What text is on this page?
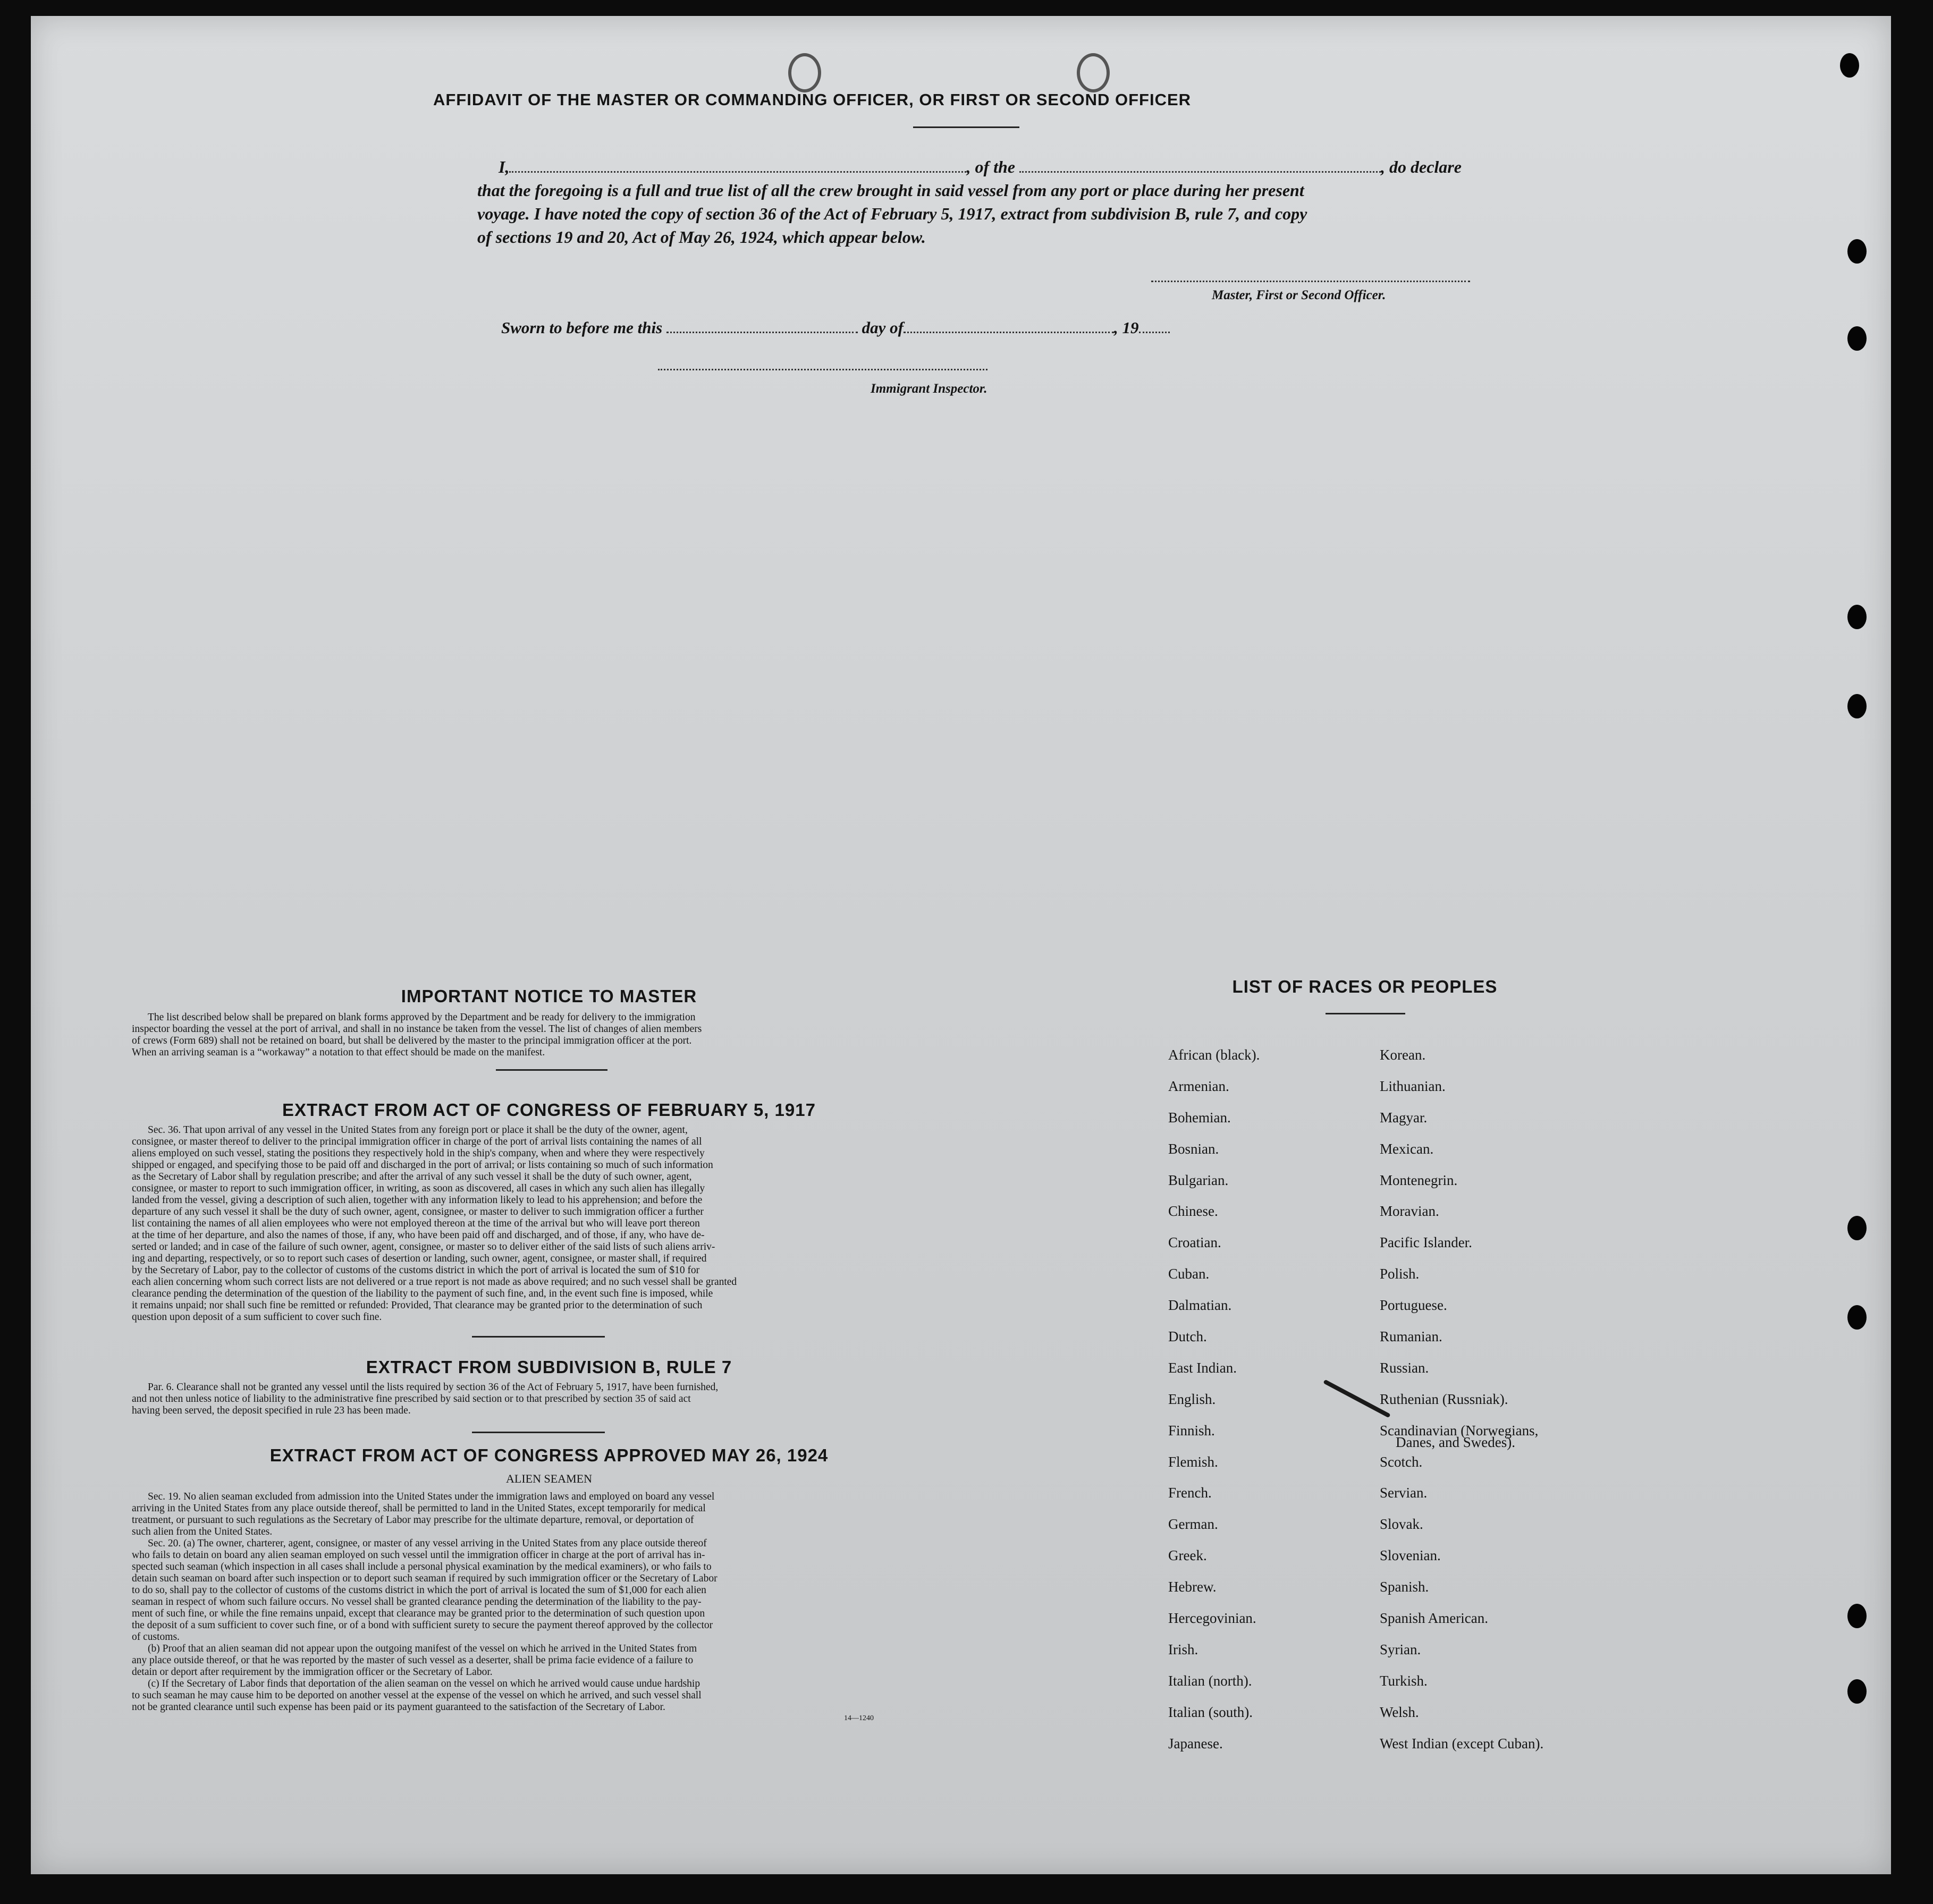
AFFIDAVIT OF THE MASTER OR COMMANDING OFFICER, OR FIRST OR SECOND OFFICER
I,	, of the	, do declare
that the foregoing is a full and true list of all the crew brought in said vessel from any port or place during her present
voyage. I have noted the copy of section 36 of the Act of February 5, 1917, extract from subdivision B, rule 7, and copy
of sections 19 and 20, Act of May 26, 1924, which appear below.
Master, First or Second Officer.
Sworn to before me this	day of	, 19
Immigrant Inspector.
IMPORTANT NOTICE TO MASTER
The list described below shall be prepared on blank forms approved by the Department and be ready for delivery to the immigration
inspector boarding the vessel at the port of arrival, and shall in no instance be taken from the vessel. The list of changes of alien members
of crews (Form 689) shall not be retained on board, but shall be delivered by the master to the principal immigration officer at the port.
When an arriving seaman is a “workaway” a notation to that effect should be made on the manifest.
EXTRACT FROM ACT OF CONGRESS OF FEBRUARY 5, 1917
Sec. 36. That upon arrival of any vessel in the United States from any foreign port or place it shall be the duty of the owner, agent,
consignee, or master thereof to deliver to the principal immigration officer in charge of the port of arrival lists containing the names of all
aliens employed on such vessel, stating the positions they respectively hold in the ship's company, when and where they were respectively
shipped or engaged, and specifying those to be paid off and discharged in the port of arrival; or lists containing so much of such information
as the Secretary of Labor shall by regulation prescribe; and after the arrival of any such vessel it shall be the duty of such owner, agent,
consignee, or master to report to such immigration officer, in writing, as soon as discovered, all cases in which any such alien has illegally
landed from the vessel, giving a description of such alien, together with any information likely to lead to his apprehension; and before the
departure of any such vessel it shall be the duty of such owner, agent, consignee, or master to deliver to such immigration officer a further
list containing the names of all alien employees who were not employed thereon at the time of the arrival but who will leave port thereon
at the time of her departure, and also the names of those, if any, who have been paid off and discharged, and of those, if any, who have de-
serted or landed; and in case of the failure of such owner, agent, consignee, or master so to deliver either of the said lists of such aliens arriv-
ing and departing, respectively, or so to report such cases of desertion or landing, such owner, agent, consignee, or master shall, if required
by the Secretary of Labor, pay to the collector of customs of the customs district in which the port of arrival is located the sum of $10 for
each alien concerning whom such correct lists are not delivered or a true report is not made as above required; and no such vessel shall be granted
clearance pending the determination of the question of the liability to the payment of such fine, and, in the event such fine is imposed, while
it remains unpaid; nor shall such fine be remitted or refunded: Provided, That clearance may be granted prior to the determination of such
question upon deposit of a sum sufficient to cover such fine.
EXTRACT FROM SUBDIVISION B, RULE 7
Par. 6. Clearance shall not be granted any vessel until the lists required by section 36 of the Act of February 5, 1917, have been furnished,
and not then unless notice of liability to the administrative fine prescribed by said section or to that prescribed by section 35 of said act
having been served, the deposit specified in rule 23 has been made.
EXTRACT FROM ACT OF CONGRESS APPROVED MAY 26, 1924
ALIEN SEAMEN
Sec. 19. No alien seaman excluded from admission into the United States under the immigration laws and employed on board any vessel
arriving in the United States from any place outside thereof, shall be permitted to land in the United States, except temporarily for medical
treatment, or pursuant to such regulations as the Secretary of Labor may prescribe for the ultimate departure, removal, or deportation of
such alien from the United States.
Sec. 20. (a) The owner, charterer, agent, consignee, or master of any vessel arriving in the United States from any place outside thereof
who fails to detain on board any alien seaman employed on such vessel until the immigration officer in charge at the port of arrival has in-
spected such seaman (which inspection in all cases shall include a personal physical examination by the medical examiners), or who fails to
detain such seaman on board after such inspection or to deport such seaman if required by such immigration officer or the Secretary of Labor
to do so, shall pay to the collector of customs of the customs district in which the port of arrival is located the sum of $1,000 for each alien
seaman in respect of whom such failure occurs. No vessel shall be granted clearance pending the determination of the liability to the pay-
ment of such fine, or while the fine remains unpaid, except that clearance may be granted prior to the determination of such question upon
the deposit of a sum sufficient to cover such fine, or of a bond with sufficient surety to secure the payment thereof approved by the collector
of customs.
(b) Proof that an alien seaman did not appear upon the outgoing manifest of the vessel on which he arrived in the United States from
any place outside thereof, or that he was reported by the master of such vessel as a deserter, shall be prima facie evidence of a failure to
detain or deport after requirement by the immigration officer or the Secretary of Labor.
(c) If the Secretary of Labor finds that deportation of the alien seaman on the vessel on which he arrived would cause undue hardship
to such seaman he may cause him to be deported on another vessel at the expense of the vessel on which he arrived, and such vessel shall
not be granted clearance until such expense has been paid or its payment guaranteed to the satisfaction of the Secretary of Labor.
14—1240
LIST OF RACES OR PEOPLES
African (black).
Armenian.
Bohemian.
Bosnian.
Bulgarian.
Chinese.
Croatian.
Cuban.
Dalmatian.
Dutch.
East Indian.
English.
Finnish.
Flemish.
French.
German.
Greek.
Hebrew.
Hercegovinian.
Irish.
Italian (north).
Italian (south).
Japanese.
Korean.
Lithuanian.
Magyar.
Mexican.
Montenegrin.
Moravian.
Pacific Islander.
Polish.
Portuguese.
Rumanian.
Russian.
Ruthenian (Russniak).
Scandinavian (Norwegians,
Danes, and Swedes).
Scotch.
Servian.
Slovak.
Slovenian.
Spanish.
Spanish American.
Syrian.
Turkish.
Welsh.
West Indian (except Cuban).
